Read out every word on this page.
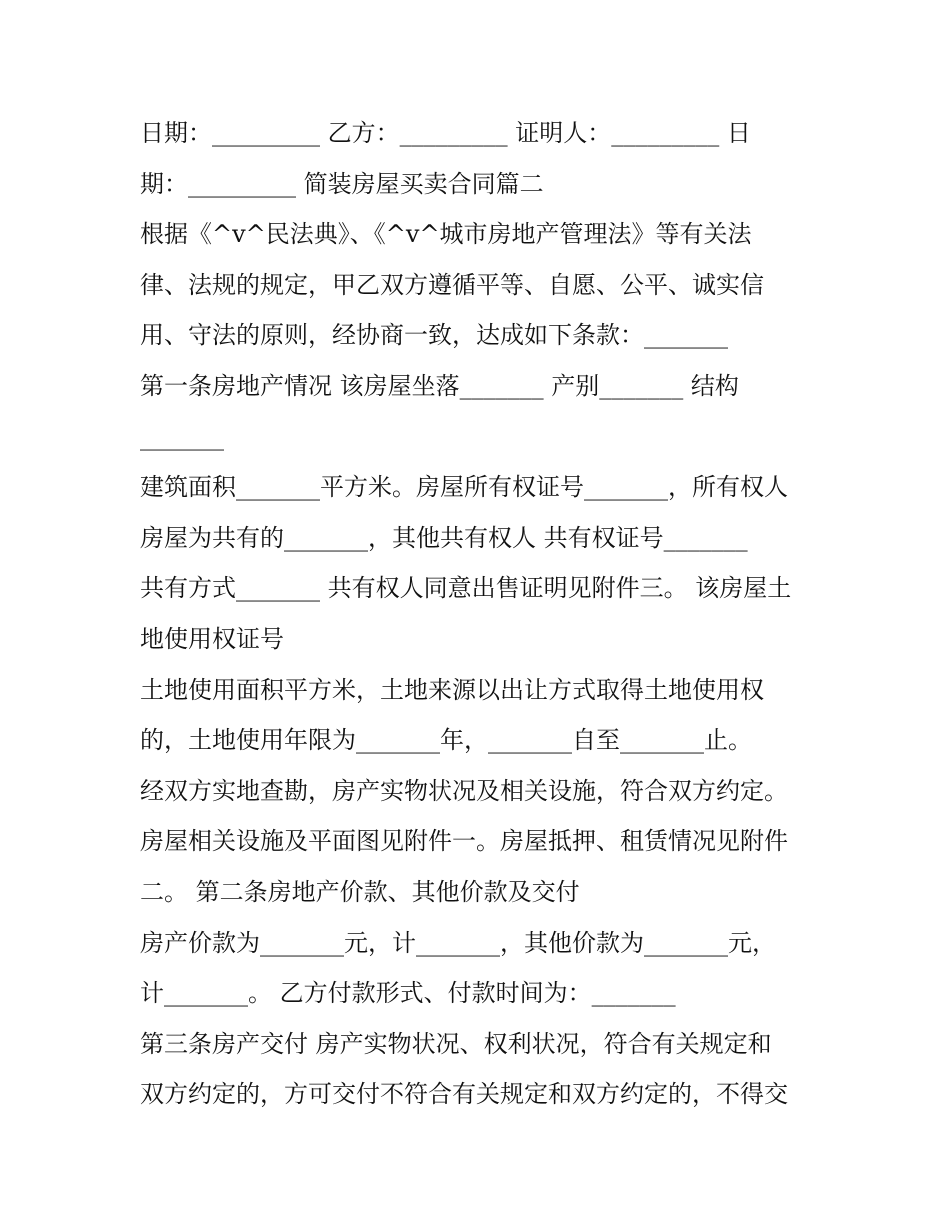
日期：_________ 乙方：_________ 证明人：_________ 日
期：_________ 简装房屋买卖合同篇二
根据《^v^民法典》、《^v^城市房地产管理法》等有关法
律、法规的规定，甲乙双方遵循平等、自愿、公平、诚实信
用、守法的原则，经协商一致，达成如下条款：_______
第一条房地产情况 该房屋坐落_______ 产别_______ 结构
_______
建筑面积_______平方米。房屋所有权证号_______，所有权人
房屋为共有的_______，其他共有权人 共有权证号_______
共有方式_______ 共有权人同意出售证明见附件三。 该房屋土
地使用权证号
土地使用面积平方米，土地来源以出让方式取得土地使用权
的，土地使用年限为_______年，_______自至_______止。
经双方实地查勘，房产实物状况及相关设施，符合双方约定。
房屋相关设施及平面图见附件一。房屋抵押、租赁情况见附件
二。 第二条房地产价款、其他价款及交付
房产价款为_______元，计_______，其他价款为_______元，
计_______。 乙方付款形式、付款时间为：_______
第三条房产交付 房产实物状况、权利状况，符合有关规定和
双方约定的，方可交付不符合有关规定和双方约定的，不得交
